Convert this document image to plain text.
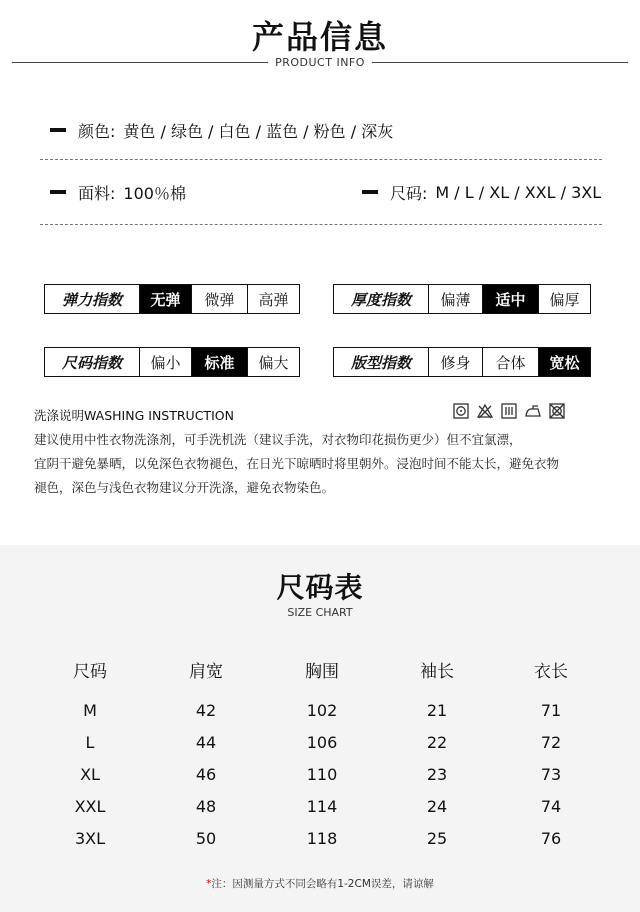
产品信息
PRODUCT INFO
颜色: 黄色 / 绿色 / 白色 / 蓝色 / 粉色 / 深灰
面料: 100％棉	尺码: M / L / XL / XXL / 3XL
弹力指数	无弹	微弹	高弹	厚度指数	偏薄	适中	偏厚
尺码指数	偏小	标准	偏大	版型指数	修身	合体	宽松
洗涤说明WASHING INSTRUCTION
建议使用中性衣物洗涤剂，可手洗机洗（建议手洗，对衣物印花损伤更少）但不宜氯漂，
宜阴干避免暴晒，以免深色衣物褪色，在日光下晾晒时将里朝外。浸泡时间不能太长，避免衣物
褪色，深色与浅色衣物建议分开洗涤，避免衣物染色。
尺码表
SIZE CHART
尺码	肩宽	胸围	袖长	衣长
M	42	102	21	71
L	44	106	22	72
XL	46	110	23	73
XXL	48	114	24	74
3XL	50	118	25	76
*注：因测量方式不同会略有1-2CM误差，请谅解
